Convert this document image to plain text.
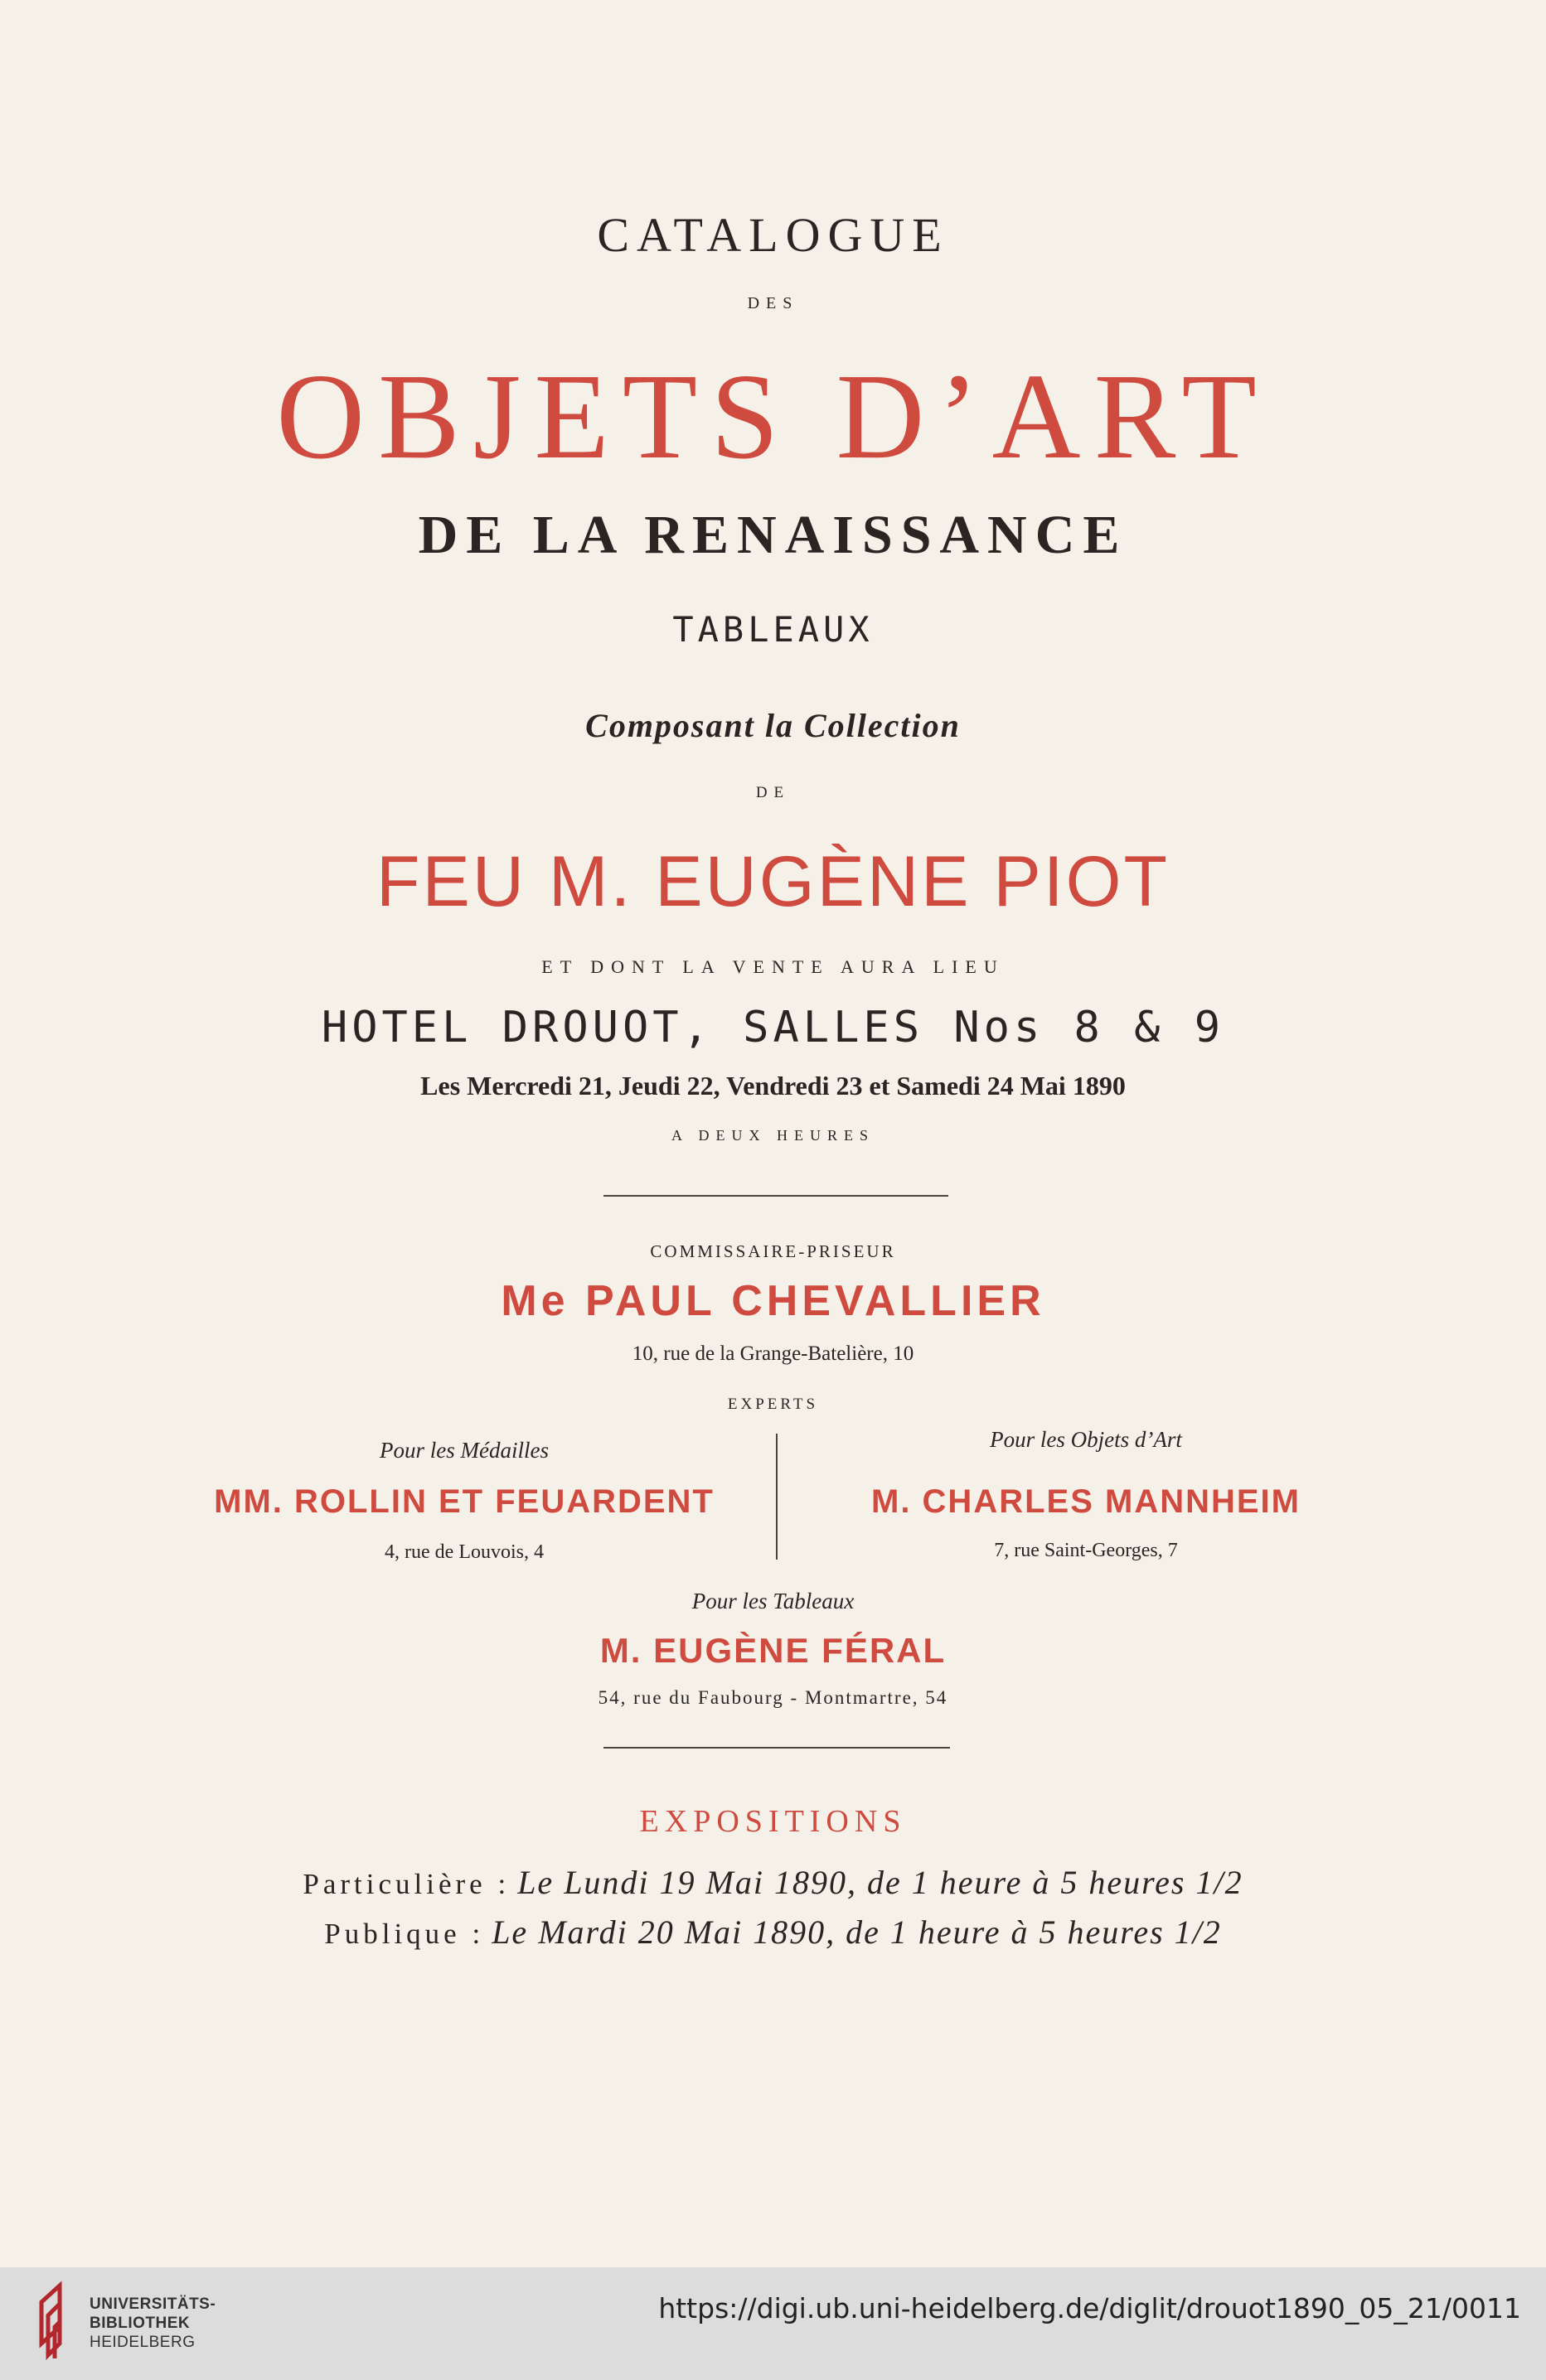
CATALOGUE
DES
OBJETS D’ART
DE LA RENAISSANCE
TABLEAUX
Composant la Collection
DE
FEU M. EUGÈNE PIOT
ET DONT LA VENTE AURA LIEU
HOTEL DROUOT, SALLES Nos 8 & 9
Les Mercredi 21, Jeudi 22, Vendredi 23 et Samedi 24 Mai 1890
A DEUX HEURES
COMMISSAIRE-PRISEUR
Me PAUL CHEVALLIER
10, rue de la Grange-Batelière, 10
EXPERTS
Pour les Médailles
MM. ROLLIN ET FEUARDENT
4, rue de Louvois, 4
Pour les Objets d’Art
M. CHARLES MANNHEIM
7, rue Saint-Georges, 7
Pour les Tableaux
M. EUGÈNE FÉRAL
54, rue du Faubourg - Montmartre, 54
EXPOSITIONS
Particulière : Le Lundi 19 Mai 1890, de 1 heure à 5 heures 1/2
Publique : Le Mardi 20 Mai 1890, de 1 heure à 5 heures 1/2
UNIVERSITÄTS-
BIBLIOTHEK
HEIDELBERG
https://digi.ub.uni-heidelberg.de/diglit/drouot1890_05_21/0011
